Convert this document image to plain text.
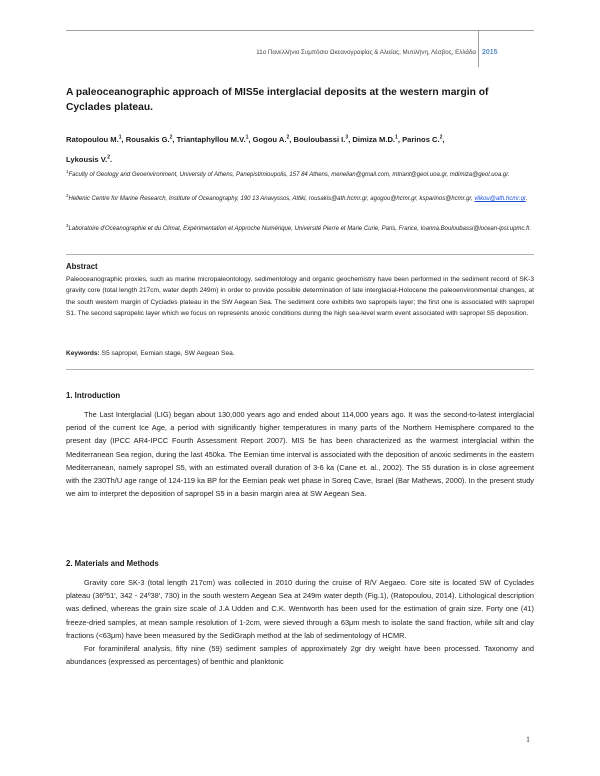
11ο Πανελλήνιο Συμπόσιο Ωκεανογραφίας & Αλιείας, Μυτιλήνη, Λέσβος, Ελλάδα 2015
A paleoceanographic approach of MIS5e interglacial deposits at the western margin of Cyclades plateau.
Ratopoulou M.$^1$, Rousakis G.$^2$, Triantaphyllou M.V.$^1$, Gogou A.$^2$, Bouloubassi I.$^3$, Dimiza M.D.$^1$, Parinos C.$^2$,
Lykousis V.$^2$.
$^1$Faculty of Geology and Geoenvironment, University of Athens, Panepistimioupolis, 157 84 Athens, menelian@gmail.com, mtriant@geol.uoa.gr, mdimiza@geol.uoa.gr.
$^2$Hellenic Centre for Marine Research, Institute of Oceanography, 190 13 Anavyssos, Attiki, rousakis@ath.hcmr.gr, agogou@hcmr.gr, ksparinos@hcmr.gr, vlikou@ath.hcmr.gr.
$^3$Laboratoire d'Océanographie et du Climat, Expérimentation et Approche Numérique, Université Pierre et Marie Curie, Paris, France, Ioanna.Bouloubassi@locean-ipsl.upmc.fr.
Abstract
Paleoceanographic proxies, such as marine micropaleontology, sedimentology and organic geochemistry have been performed in the sediment record of SK-3 gravity core (total length 217cm, water depth 249m) in order to provide possible determination of late interglacial-Holocene the paleoenvironmental changes, at the south western margin of Cyclades plateau in the SW Aegean Sea. The sediment core exhibits two sapropels layer; the first one is associated with sapropel S1. The second sapropelic layer which we focus on represents anoxic conditions during the high sea-level warm event associated with sapropel S5 deposition.
Keywords: S5 sapropel, Eemian stage, SW Aegean Sea.
1. Introduction

The Last Interglacial (LIG) began about 130,000 years ago and ended about 114,000 years ago. It was the second-to-latest interglacial period of the current Ice Age, a period with significantly higher temperatures in many parts of the Northern Hemisphere compared to the present day (IPCC AR4-IPCC Fourth Assessment Report 2007). MIS 5e has been characterized as the warmest interglacial within the Mediterranean Sea region, during the last 450ka. The Eemian time interval is associated with the deposition of anoxic sediments in the eastern Mediterranean, namely sapropel S5, with an estimated overall duration of 3-6 ka (Cane et. al., 2002). The S5 duration is in close agreement with the 230Th/U age range of 124-119 ka BP for the Eemian peak wet phase in Soreq Cave, Israel (Bar Mathews, 2000). In the present study we aim to interpret the deposition of sapropel S5 in a basin margin area at SW Aegean Sea.

2. Materials and Methods

Gravity core SK-3 (total length 217cm) was collected in 2010 during the cruise of R/V Aegaeo. Core site is located SW of Cyclades plateau (36º51', 342 - 24º38', 730) in the south western Aegean Sea at 249m water depth (Fig.1), (Ratopoulou, 2014). Lithological description was defined, whereas the grain size scale of J.A Udden and C.K. Wentworth has been used for the estimation of grain size. Forty one (41) freeze-dried samples, at mean sample resolution of 1-2cm, were sieved through a 63μm mesh to isolate the sand fraction, while silt and clay fractions (<63μm) have been measured by the SediGraph method at the lab of sedimentology of HCMR.

For foraminiferal analysis, fifty nine (59) sediment samples of approximately 2gr dry weight have been processed. Taxonomy and abundances (expressed as percentages) of benthic and planktonic

1
